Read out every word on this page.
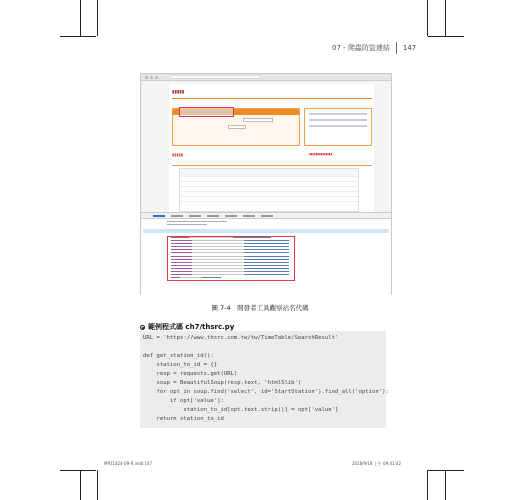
07 - 爬蟲防盜連結 147
▮▮▮▮▮
▮▮▮▮▮	▮▮▮▮▮▮▮▮▮▮▮▮▮▮
圖 7-4　開發者工具觀察站名代碼
範例程式碼 ch7/thsrc.py
URL = 'https://www.thsrc.com.tw/tw/TimeTable/SearchResult'
def get_station_id():
station_to_id = {}
resp = requests.get(URL)
soup = BeautifulSoup(resp.text, 'html5lib')
for opt in soup.find('select', id='StartStation').find_all('option'):
if opt['value']:
station_to_id[opt.text.strip()] = opt['value']
return station_to_id
MP21824-09-R.indd 147	2018/9/18 上午 09:41:42
